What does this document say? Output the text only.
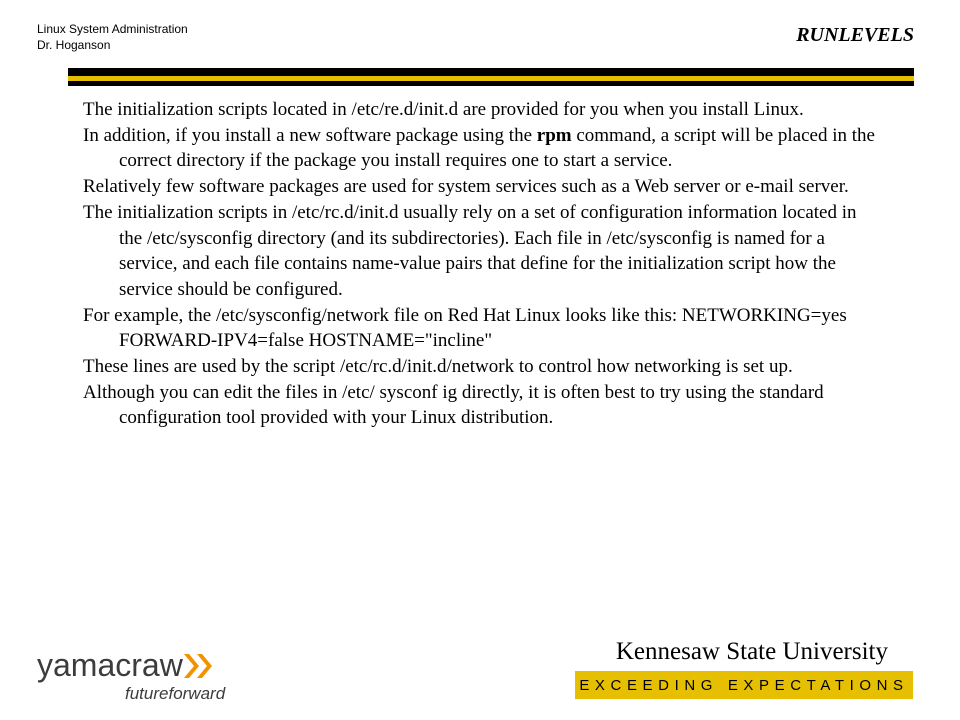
Linux System Administration
Dr. Hoganson	RUNLEVELS

The initialization scripts located in /etc/re.d/init.d are provided for you when you install Linux.

In addition, if you install a new software package using the rpm command, a script will be placed in the correct directory if the package you install requires one to start a service.

Relatively few software packages are used for system services such as a Web server or e-mail server.

The initialization scripts in /etc/rc.d/init.d usually rely on a set of configuration information located in the /etc/sysconfig directory (and its subdirectories). Each file in /etc/sysconfig is named for a service, and each file contains name-value pairs that define for the initialization script how the service should be configured.

For example, the /etc/sysconfig/network file on Red Hat Linux looks like this: NETWORKING=yes FORWARD-IPV4=false HOSTNAME="incline"

These lines are used by the script /etc/rc.d/init.d/network to control how networking is set up.

Although you can edit the files in /etc/ sysconf ig directly, it is often best to try using the standard configuration tool provided with your Linux distribution.

yamacraw
futureforward
Kennesaw State University
EXCEEDING EXPECTATIONS
